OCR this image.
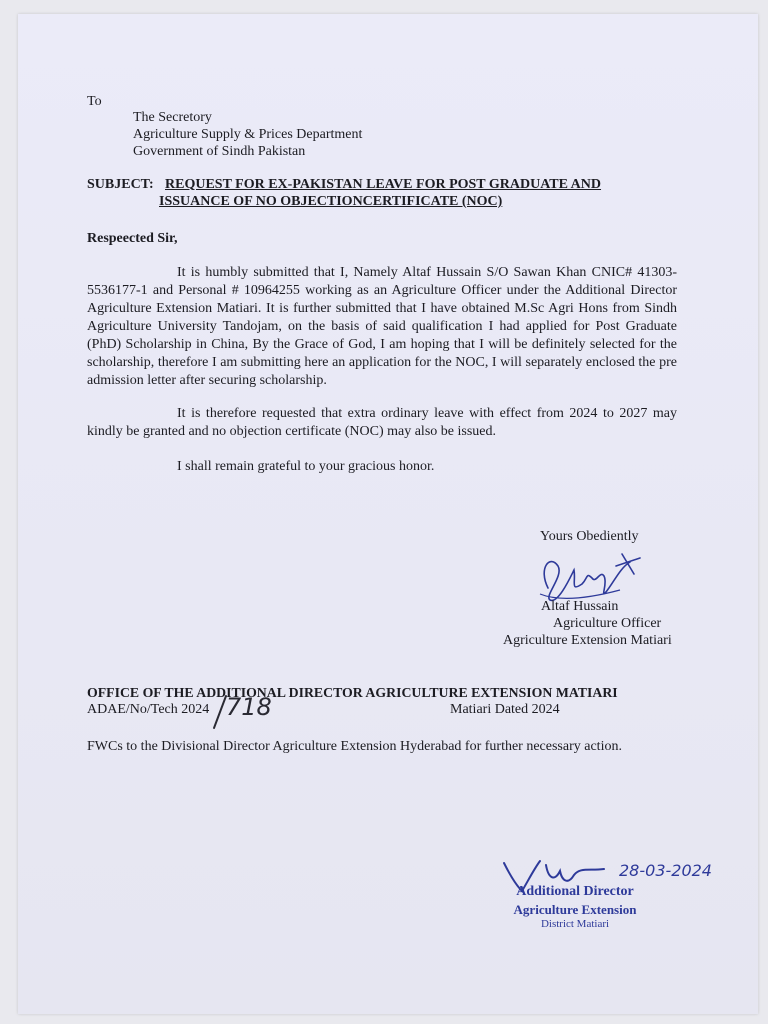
To
The Secretory
Agriculture Supply & Prices Department
Government of Sindh Pakistan
SUBJECT: REQUEST FOR EX-PAKISTAN LEAVE FOR POST GRADUATE AND
ISSUANCE OF NO OBJECTIONCERTIFICATE (NOC)
Respeected Sir,

It is humbly submitted that I, Namely Altaf Hussain S/O Sawan Khan CNIC# 41303-5536177-1 and Personal # 10964255 working as an Agriculture Officer under the Additional Director Agriculture Extension Matiari. It is further submitted that I have obtained M.Sc Agri Hons from Sindh Agriculture University Tandojam, on the basis of said qualification I had applied for Post Graduate (PhD) Scholarship in China, By the Grace of God, I am hoping that I will be definitely selected for the scholarship, therefore I am submitting here an application for the NOC, I will separately enclosed the pre admission letter after securing scholarship.

It is therefore requested that extra ordinary leave with effect from 2024 to 2027 may kindly be granted and no objection certificate (NOC) may also be issued.

I shall remain grateful to your gracious honor.

Yours Obediently
Altaf Hussain
Agriculture Officer
Agriculture Extension Matiari
OFFICE OF THE ADDITIONAL DIRECTOR AGRICULTURE EXTENSION MATIARI
ADAE/No/Tech 2024 718	Matiari Dated 2024
FWCs to the Divisional Director Agriculture Extension Hyderabad for further necessary action.
28-03-2024
Additional Director
Agriculture Extension
District Matiari
